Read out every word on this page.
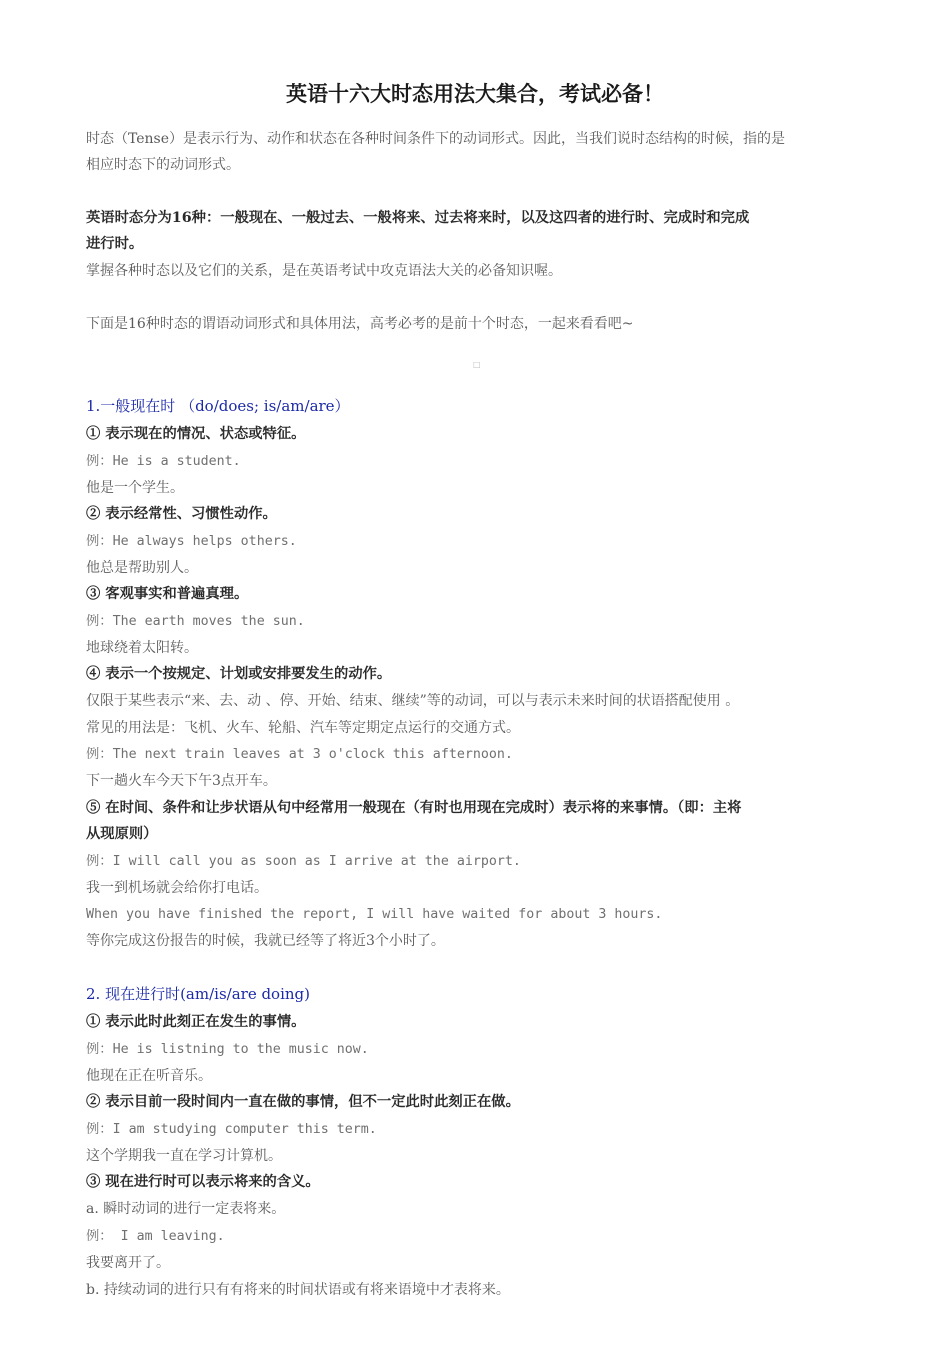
英语十六大时态用法大集合，考试必备！
时态（Tense）是表示行为、动作和状态在各种时间条件下的动词形式。因此，当我们说时态结构的时候，指的是
相应时态下的动词形式。
英语时态分为16种：一般现在、一般过去、一般将来、过去将来时，以及这四者的进行时、完成时和完成
进行时。
掌握各种时态以及它们的关系，是在英语考试中攻克语法大关的必备知识喔。
下面是16种时态的谓语动词形式和具体用法，高考必考的是前十个时态，一起来看看吧~
□
1.一般现在时 （do/does; is/am/are）
① 表示现在的情况、状态或特征。
例：He is a student.
他是一个学生。
② 表示经常性、习惯性动作。
例：He always helps others.
他总是帮助别人。
③ 客观事实和普遍真理。
例：The earth moves the sun.
地球绕着太阳转。
④ 表示一个按规定、计划或安排要发生的动作。
仅限于某些表示“来、去、动 、停、开始、结束、继续”等的动词，可以与表示未来时间的状语搭配使用 。
常见的用法是：飞机、火车、轮船、汽车等定期定点运行的交通方式。
例：The next train leaves at 3 o'clock this afternoon.
下一趟火车今天下午3点开车。
⑤ 在时间、条件和让步状语从句中经常用一般现在（有时也用现在完成时）表示将的来事情。（即：主将
从现原则）
例：I will call you as soon as I arrive at the airport.
我一到机场就会给你打电话。
When you have finished the report, I will have waited for about 3 hours.
等你完成这份报告的时候，我就已经等了将近3个小时了。
2. 现在进行时(am/is/are doing)
① 表示此时此刻正在发生的事情。
例：He is listning to the music now.
他现在正在听音乐。
② 表示目前一段时间内一直在做的事情，但不一定此时此刻正在做。
例：I am studying computer this term.
这个学期我一直在学习计算机。
③ 现在进行时可以表示将来的含义。
a. 瞬时动词的进行一定表将来。
例： I am leaving.
我要离开了。
b. 持续动词的进行只有有将来的时间状语或有将来语境中才表将来。
